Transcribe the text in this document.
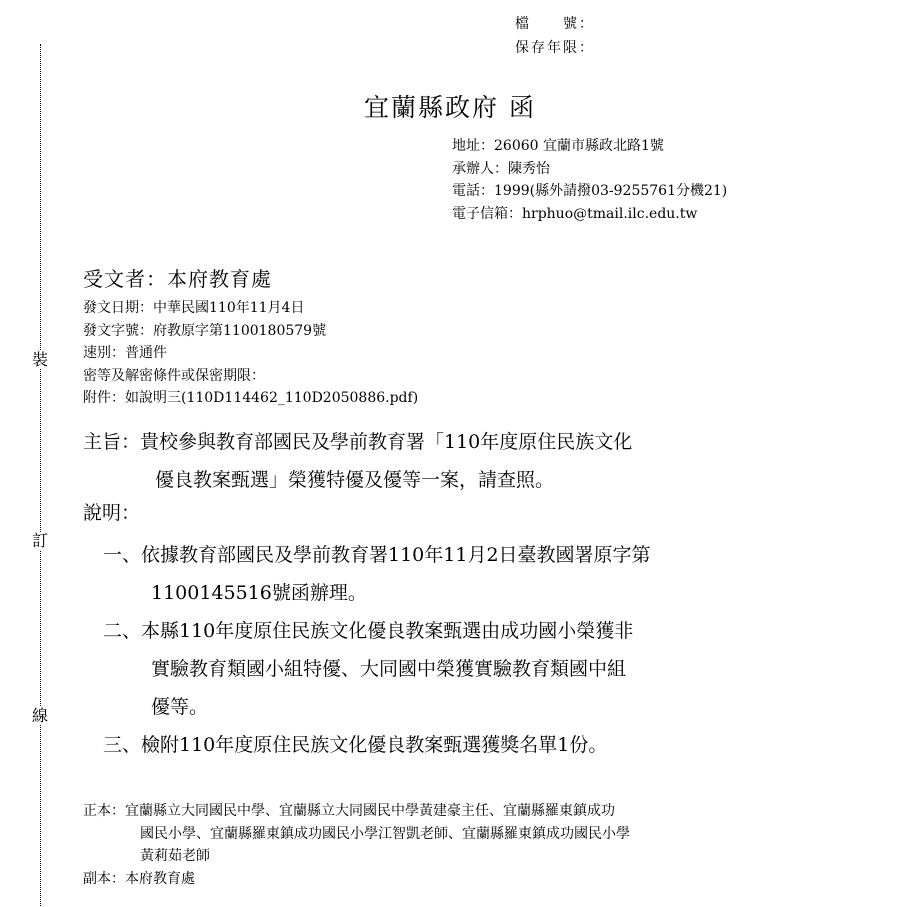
裝
訂
線
檔　　號：
保存年限：
宜蘭縣政府 函
地址：26060 宜蘭市縣政北路1號
承辦人：陳秀怡
電話：1999(縣外請撥03-9255761分機21)
電子信箱：hrphuo@tmail.ilc.edu.tw
受文者：本府教育處
發文日期：中華民國110年11月4日
發文字號：府教原字第1100180579號
速別：普通件
密等及解密條件或保密期限：
附件：如說明三(110D114462_110D2050886.pdf)
主旨：貴校參與教育部國民及學前教育署「110年度原住民族文化
優良教案甄選」榮獲特優及優等一案，請查照。
說明：
一、依據教育部國民及學前教育署110年11月2日臺教國署原字第
1100145516號函辦理。
二、本縣110年度原住民族文化優良教案甄選由成功國小榮獲非
實驗教育類國小組特優、大同國中榮獲實驗教育類國中組
優等。
三、檢附110年度原住民族文化優良教案甄選獲獎名單1份。
正本：宜蘭縣立大同國民中學、宜蘭縣立大同國民中學黃建豪主任、宜蘭縣羅東鎮成功
國民小學、宜蘭縣羅東鎮成功國民小學江智凱老師、宜蘭縣羅東鎮成功國民小學
黃莉茹老師
副本：本府教育處
